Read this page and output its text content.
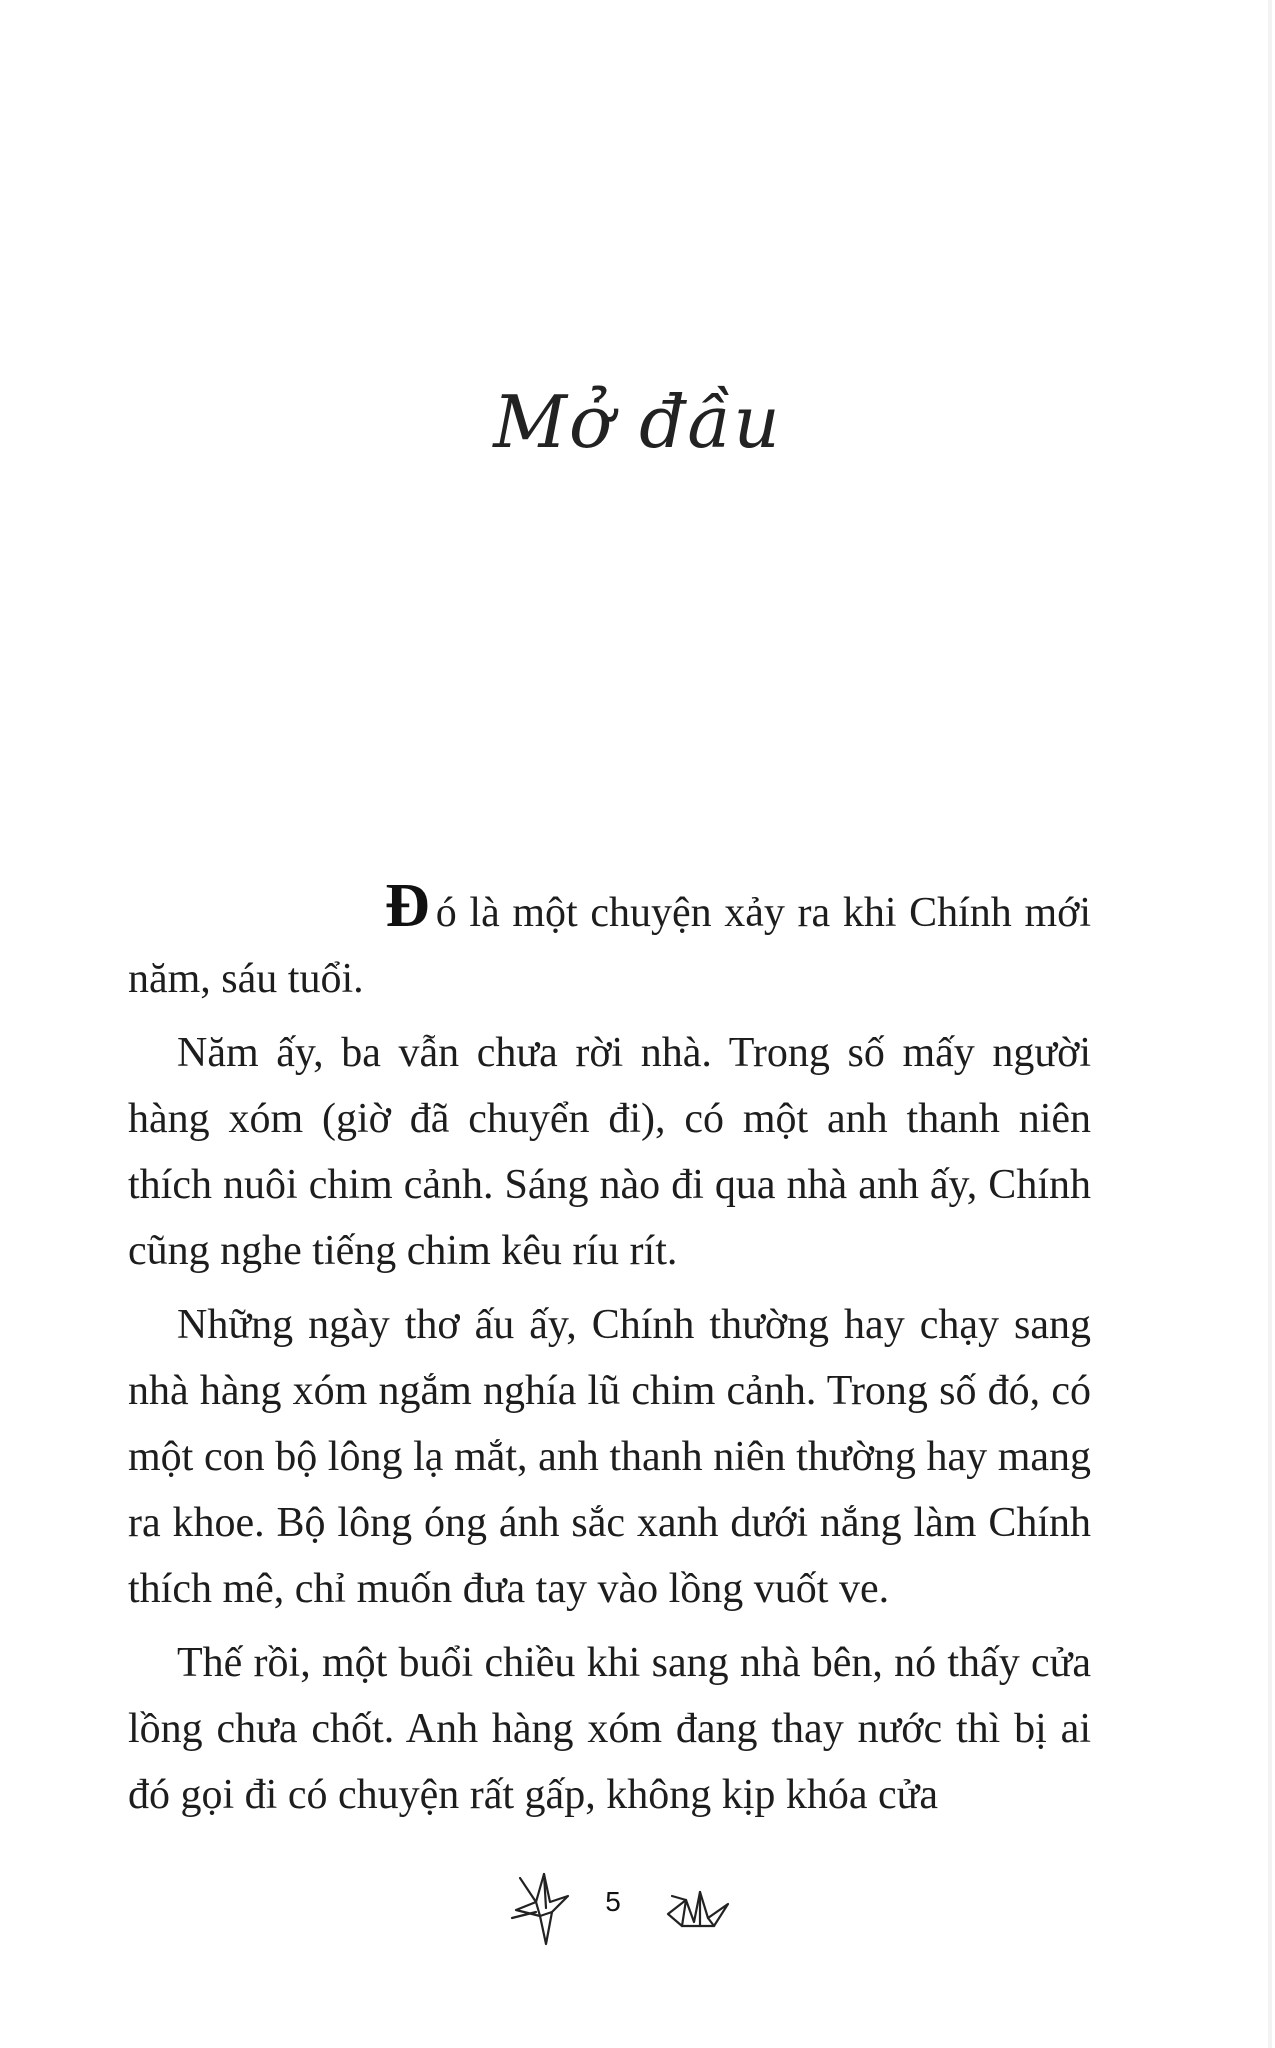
Mở đầu

Đ ó là một chuyện xảy ra khi Chính mới năm, sáu tuổi.

Năm ấy, ba vẫn chưa rời nhà. Trong số mấy người hàng xóm (giờ đã chuyển đi), có một anh thanh niên thích nuôi chim cảnh. Sáng nào đi qua nhà anh ấy, Chính cũng nghe tiếng chim kêu ríu rít.

Những ngày thơ ấu ấy, Chính thường hay chạy sang nhà hàng xóm ngắm nghía lũ chim cảnh. Trong số đó, có một con bộ lông lạ mắt, anh thanh niên thường hay mang ra khoe. Bộ lông óng ánh sắc xanh dưới nắng làm Chính thích mê, chỉ muốn đưa tay vào lồng vuốt ve.

Thế rồi, một buổi chiều khi sang nhà bên, nó thấy cửa lồng chưa chốt. Anh hàng xóm đang thay nước thì bị ai đó gọi đi có chuyện rất gấp, không kịp khóa cửa

5
